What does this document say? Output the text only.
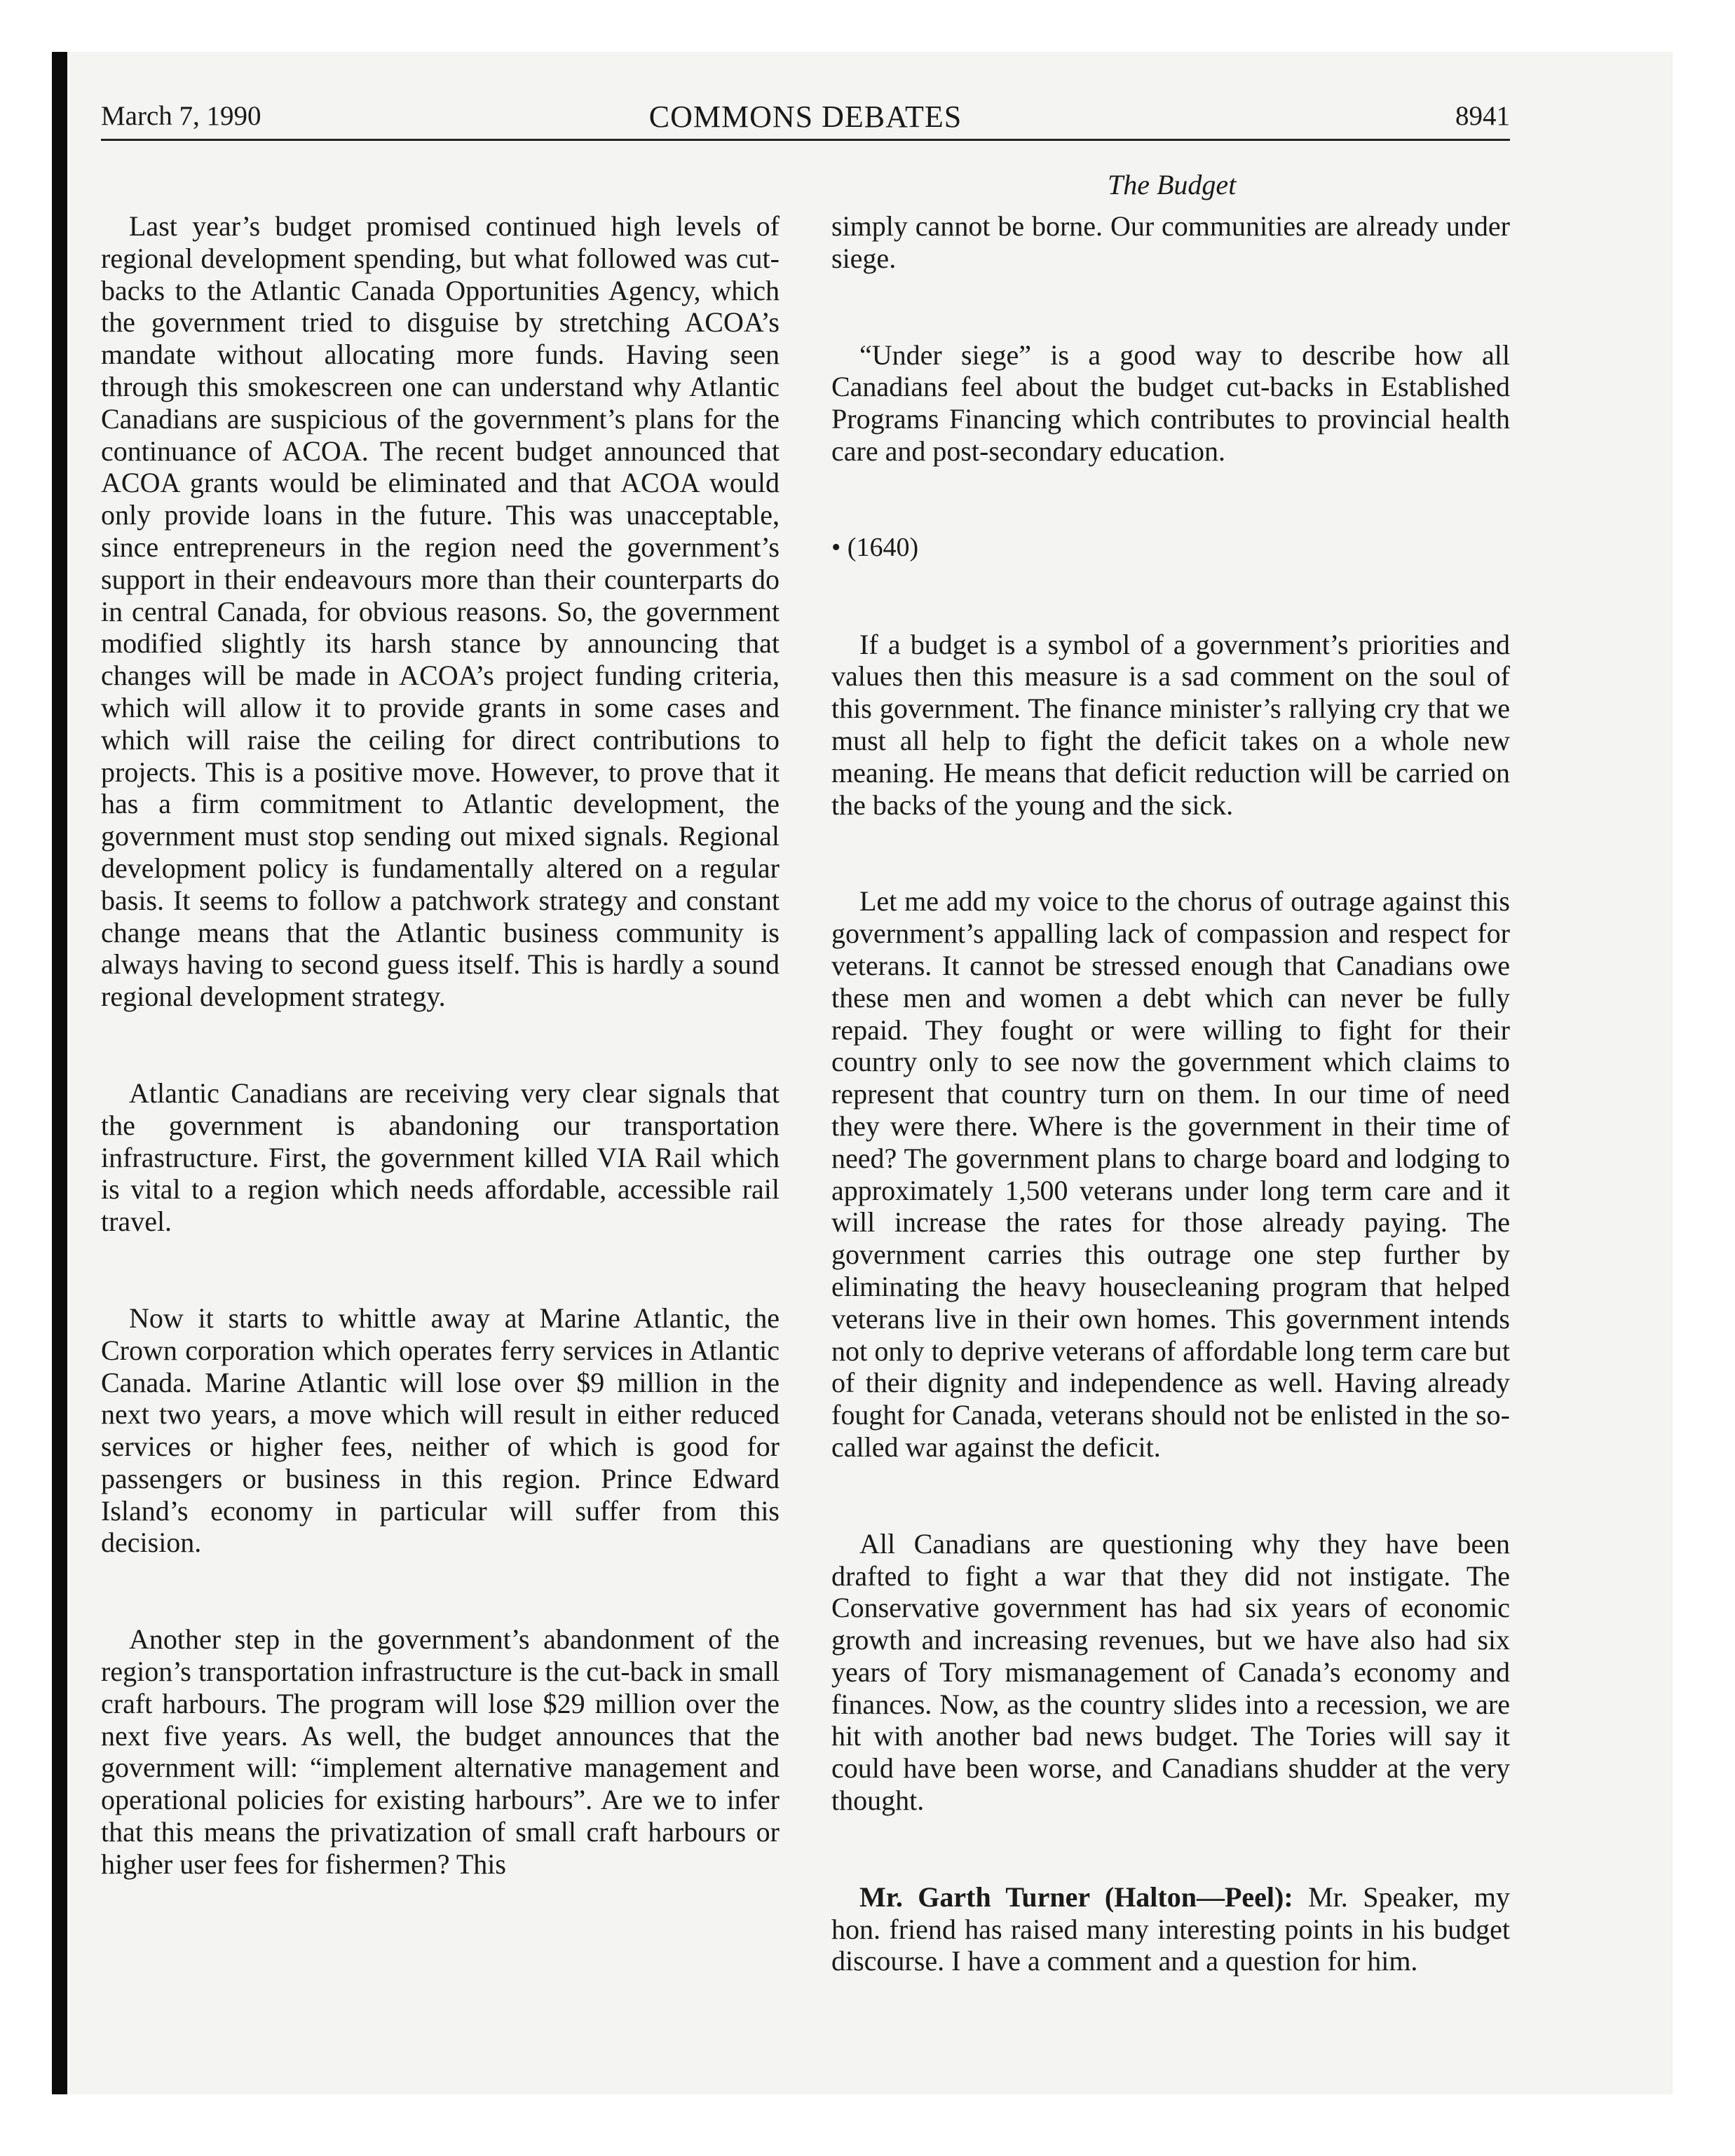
March 7, 1990	COMMONS DEBATES	8941
The Budget

Last year’s budget promised continued high levels of regional development spending, but what followed was cut-backs to the Atlantic Canada Opportunities Agency, which the government tried to disguise by stretching ACOA’s mandate without allocating more funds. Having seen through this smokescreen one can understand why Atlantic Canadians are suspicious of the government’s plans for the continuance of ACOA. The recent budget announced that ACOA grants would be eliminated and that ACOA would only provide loans in the future. This was unacceptable, since entrepreneurs in the region need the government’s support in their endeavours more than their counterparts do in central Canada, for obvious reasons. So, the government modified slightly its harsh stance by announcing that changes will be made in ACOA’s project funding criteria, which will allow it to provide grants in some cases and which will raise the ceiling for direct contributions to projects. This is a positive move. However, to prove that it has a firm commitment to Atlantic development, the government must stop sending out mixed signals. Regional development policy is fundamentally altered on a regular basis. It seems to follow a patchwork strategy and constant change means that the Atlantic business community is always having to second guess itself. This is hardly a sound regional development strategy.

Atlantic Canadians are receiving very clear signals that the government is abandoning our transportation infrastructure. First, the government killed VIA Rail which is vital to a region which needs affordable, accessible rail travel.

Now it starts to whittle away at Marine Atlantic, the Crown corporation which operates ferry services in Atlantic Canada. Marine Atlantic will lose over $9 million in the next two years, a move which will result in either reduced services or higher fees, neither of which is good for passengers or business in this region. Prince Edward Island’s economy in particular will suffer from this decision.

Another step in the government’s abandonment of the region’s transportation infrastructure is the cut-back in small craft harbours. The program will lose $29 million over the next five years. As well, the budget announces that the government will: “implement alternative management and operational policies for existing harbours”. Are we to infer that this means the privatization of small craft harbours or higher user fees for fishermen? This

simply cannot be borne. Our communities are already under siege.

“Under siege” is a good way to describe how all Canadians feel about the budget cut-backs in Established Programs Financing which contributes to provincial health care and post-secondary education.

• (1640)

If a budget is a symbol of a government’s priorities and values then this measure is a sad comment on the soul of this government. The finance minister’s rallying cry that we must all help to fight the deficit takes on a whole new meaning. He means that deficit reduction will be carried on the backs of the young and the sick.

Let me add my voice to the chorus of outrage against this government’s appalling lack of compassion and respect for veterans. It cannot be stressed enough that Canadians owe these men and women a debt which can never be fully repaid. They fought or were willing to fight for their country only to see now the government which claims to represent that country turn on them. In our time of need they were there. Where is the government in their time of need? The government plans to charge board and lodging to approximately 1,500 veterans under long term care and it will increase the rates for those already paying. The government carries this outrage one step further by eliminating the heavy housecleaning program that helped veterans live in their own homes. This government intends not only to deprive veterans of affordable long term care but of their dignity and independence as well. Having already fought for Canada, veterans should not be enlisted in the so-called war against the deficit.

All Canadians are questioning why they have been drafted to fight a war that they did not instigate. The Conservative government has had six years of economic growth and increasing revenues, but we have also had six years of Tory mismanagement of Canada’s economy and finances. Now, as the country slides into a recession, we are hit with another bad news budget. The Tories will say it could have been worse, and Canadians shudder at the very thought.

Mr. Garth Turner (Halton—Peel): Mr. Speaker, my hon. friend has raised many interesting points in his budget discourse. I have a comment and a question for him.
